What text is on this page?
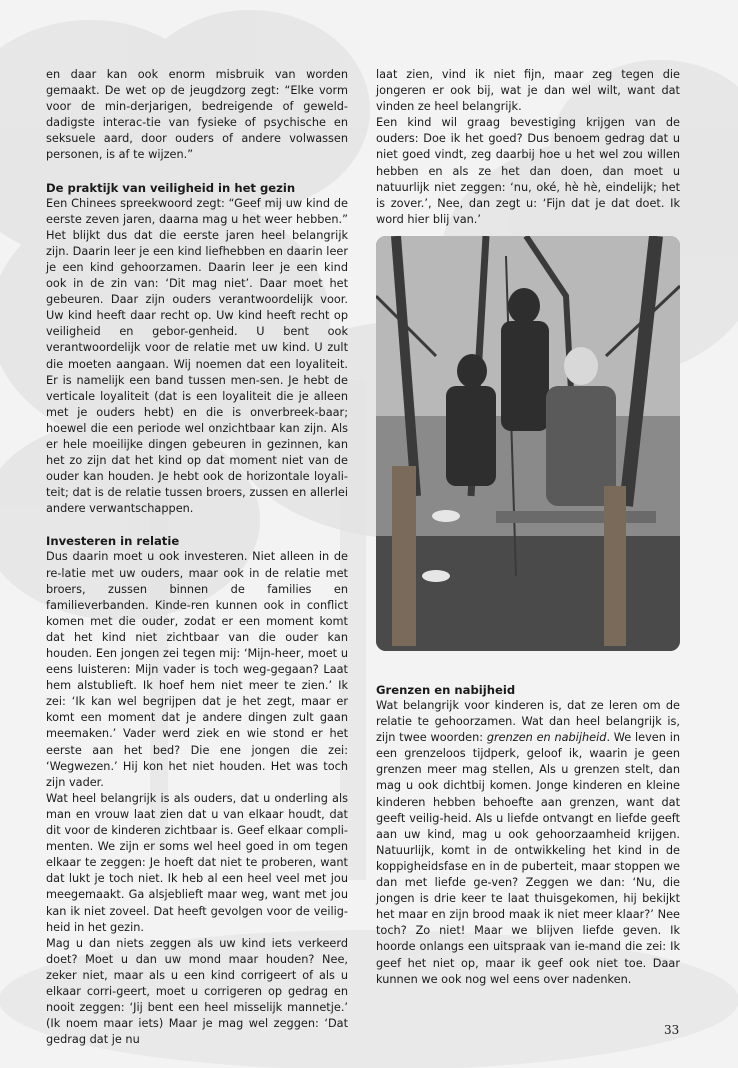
en daar kan ook enorm misbruik van worden gemaakt. De wet op de jeugdzorg zegt: “Elke vorm voor de min-derjarigen, bedreigende of gewelddadigste interac-tie van fysieke of psychische en seksuele aard, door ouders of andere volwassen personen, is af te wijzen.”

De praktijk van veiligheid in het gezin

Een Chinees spreekwoord zegt: “Geef mij uw kind de eerste zeven jaren, daarna mag u het weer hebben.” Het blijkt dus dat die eerste jaren heel belangrijk zijn. Daarin leer je een kind liefhebben en daarin leer je een kind gehoorzamen. Daarin leer je een kind ook in de zin van: ‘Dit mag niet’. Daar moet het gebeuren. Daar zijn ouders verantwoordelijk voor. Uw kind heeft daar recht op. Uw kind heeft recht op veiligheid en gebor-genheid. U bent ook verantwoordelijk voor de relatie met uw kind. U zult die moeten aangaan. Wij noemen dat een loyaliteit. Er is namelijk een band tussen men-sen. Je hebt de verticale loyaliteit (dat is een loyaliteit die je alleen met je ouders hebt) en die is onverbreek-baar; hoewel die een periode wel onzichtbaar kan zijn. Als er hele moeilijke dingen gebeuren in gezinnen, kan het zo zijn dat het kind op dat moment niet van de ouder kan houden. Je hebt ook de horizontale loyali-teit; dat is de relatie tussen broers, zussen en allerlei andere verwantschappen.

Investeren in relatie

Dus daarin moet u ook investeren. Niet alleen in de re-latie met uw ouders, maar ook in de relatie met broers, zussen binnen de families en familieverbanden. Kinde-ren kunnen ook in conflict komen met die ouder, zodat er een moment komt dat het kind niet zichtbaar van die ouder kan houden. Een jongen zei tegen mij: ‘Mijn-heer, moet u eens luisteren: Mijn vader is toch weg-gegaan? Laat hem alstublieft. Ik hoef hem niet meer te zien.’ Ik zei: ‘Ik kan wel begrijpen dat je het zegt, maar er komt een moment dat je andere dingen zult gaan meemaken.’ Vader werd ziek en wie stond er het eerste aan het bed? Die ene jongen die zei: ‘Wegwezen.’ Hij kon het niet houden. Het was toch zijn vader.

Wat heel belangrijk is als ouders, dat u onderling als man en vrouw laat zien dat u van elkaar houdt, dat dit voor de kinderen zichtbaar is. Geef elkaar compli-menten. We zijn er soms wel heel goed in om tegen elkaar te zeggen: Je hoeft dat niet te proberen, want dat lukt je toch niet. Ik heb al een heel veel met jou meegemaakt. Ga alsjeblieft maar weg, want met jou kan ik niet zoveel. Dat heeft gevolgen voor de veilig-heid in het gezin.

Mag u dan niets zeggen als uw kind iets verkeerd doet? Moet u dan uw mond maar houden? Nee, zeker niet, maar als u een kind corrigeert of als u elkaar corri-geert, moet u corrigeren op gedrag en nooit zeggen: ‘Jij bent een heel misselijk mannetje.’ (Ik noem maar iets) Maar je mag wel zeggen: ‘Dat gedrag dat je nu

laat zien, vind ik niet fijn, maar zeg tegen die jongeren er ook bij, wat je dan wel wilt, want dat vinden ze heel belangrijk.

Een kind wil graag bevestiging krijgen van de ouders: Doe ik het goed? Dus benoem gedrag dat u niet goed vindt, zeg daarbij hoe u het wel zou willen hebben en als ze het dan doen, dan moet u natuurlijk niet zeggen: ‘nu, oké, hè hè, eindelijk; het is zover.’, Nee, dan zegt u: ‘Fijn dat je dat doet. Ik word hier blij van.’

Grenzen en nabijheid

Wat belangrijk voor kinderen is, dat ze leren om de relatie te gehoorzamen. Wat dan heel belangrijk is, zijn twee woorden: grenzen en nabijheid. We leven in een grenzeloos tijdperk, geloof ik, waarin je geen grenzen meer mag stellen, Als u grenzen stelt, dan mag u ook dichtbij komen. Jonge kinderen en kleine kinderen hebben behoefte aan grenzen, want dat geeft veilig-heid. Als u liefde ontvangt en liefde geeft aan uw kind, mag u ook gehoorzaamheid krijgen. Natuurlijk, komt in de ontwikkeling het kind in de koppigheidsfase en in de puberteit, maar stoppen we dan met liefde ge-ven? Zeggen we dan: ‘Nu, die jongen is drie keer te laat thuisgekomen, hij bekijkt het maar en zijn brood maak ik niet meer klaar?’ Nee toch? Zo niet! Maar we blijven liefde geven. Ik hoorde onlangs een uitspraak van ie-mand die zei: Ik geef het niet op, maar ik geef ook niet toe. Daar kunnen we ook nog wel eens over nadenken.

33
